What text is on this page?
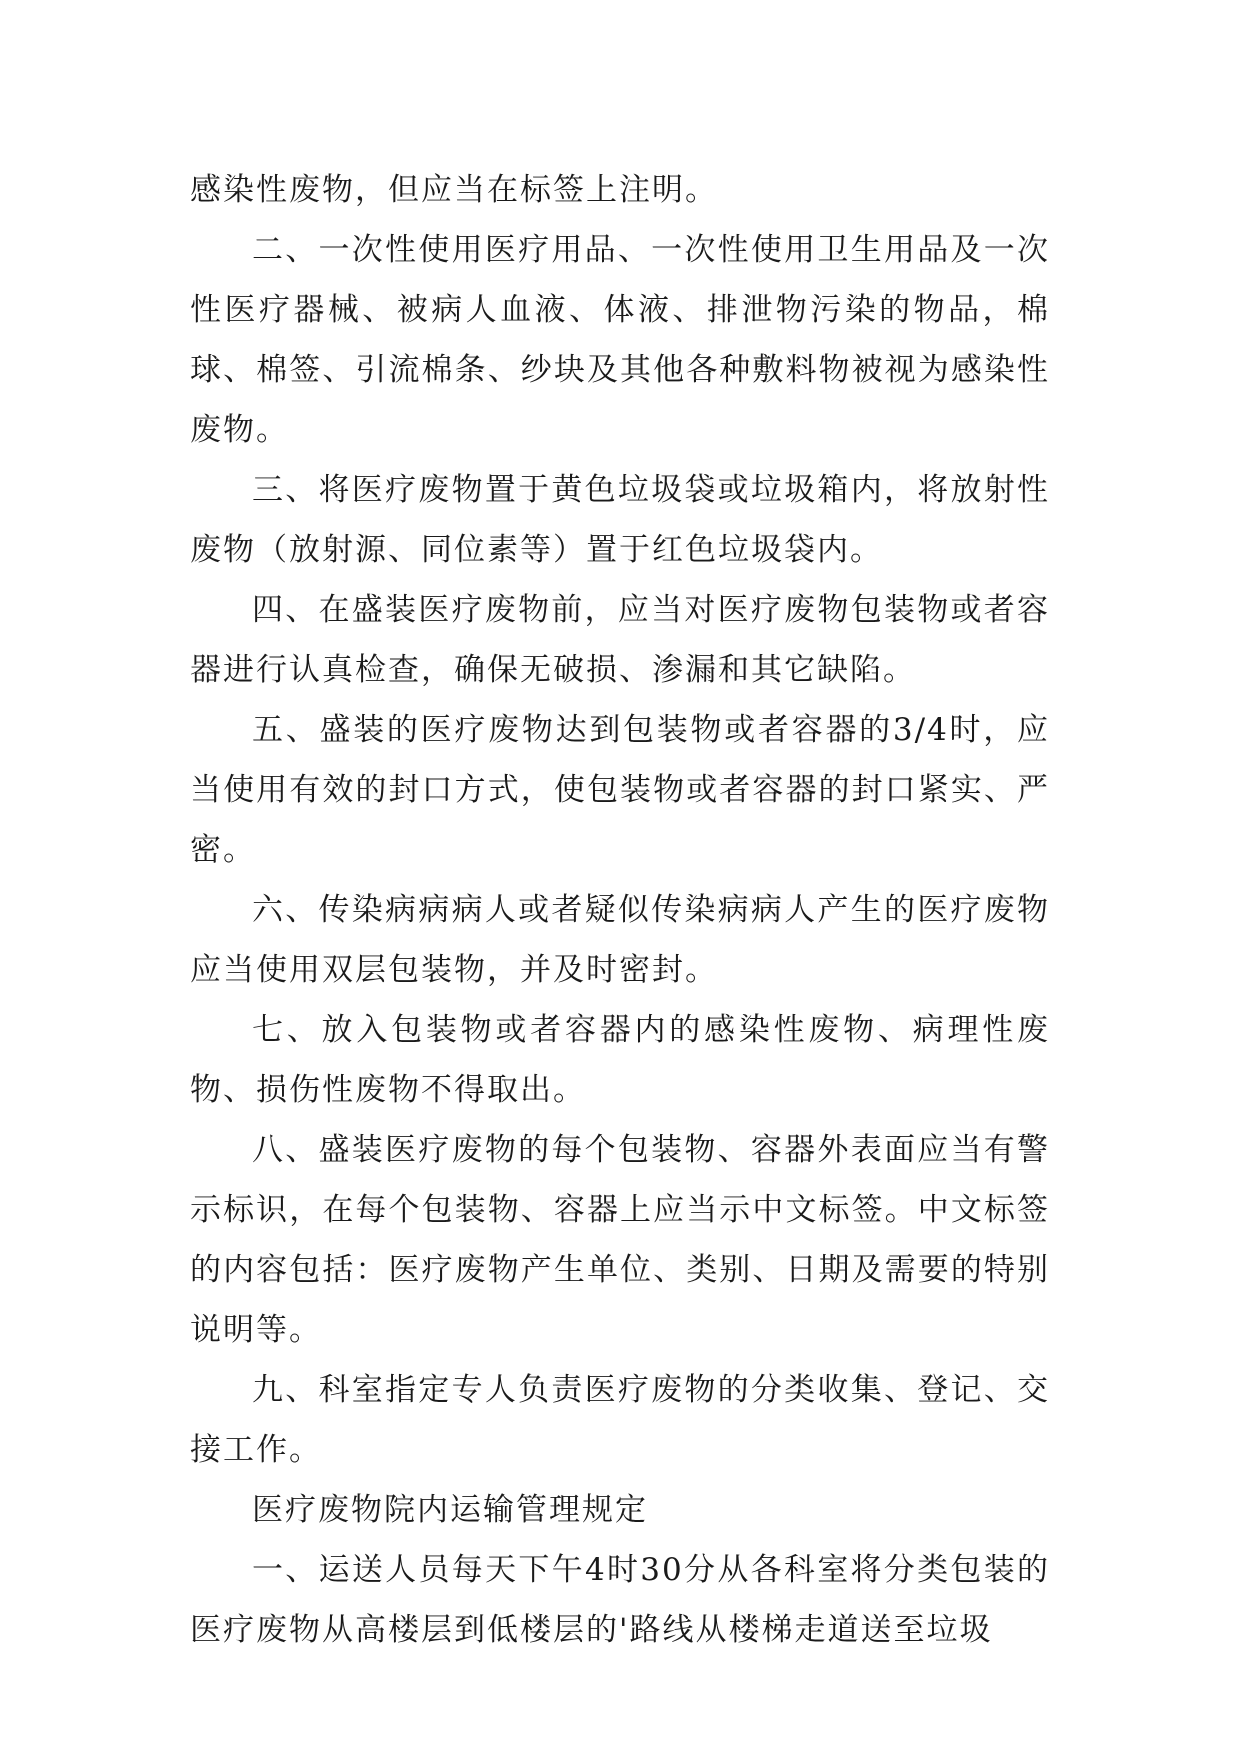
感染性废物，但应当在标签上注明。

二、一次性使用医疗用品、一次性使用卫生用品及一次性医疗器械、被病人血液、体液、排泄物污染的物品，棉球、棉签、引流棉条、纱块及其他各种敷料物被视为感染性废物。

三、将医疗废物置于黄色垃圾袋或垃圾箱内，将放射性废物（放射源、同位素等）置于红色垃圾袋内。

四、在盛装医疗废物前，应当对医疗废物包装物或者容器进行认真检查，确保无破损、渗漏和其它缺陷。

五、盛装的医疗废物达到包装物或者容器的3/4时，应当使用有效的封口方式，使包装物或者容器的封口紧实、严密。

六、传染病病病人或者疑似传染病病人产生的医疗废物应当使用双层包装物，并及时密封。

七、放入包装物或者容器内的感染性废物、病理性废物、损伤性废物不得取出。

八、盛装医疗废物的每个包装物、容器外表面应当有警示标识，在每个包装物、容器上应当示中文标签。中文标签的内容包括：医疗废物产生单位、类别、日期及需要的特别说明等。

九、科室指定专人负责医疗废物的分类收集、登记、交接工作。

医疗废物院内运输管理规定

一、运送人员每天下午4时30分从各科室将分类包装的医疗废物从高楼层到低楼层的'路线从楼梯走道送至垃圾
